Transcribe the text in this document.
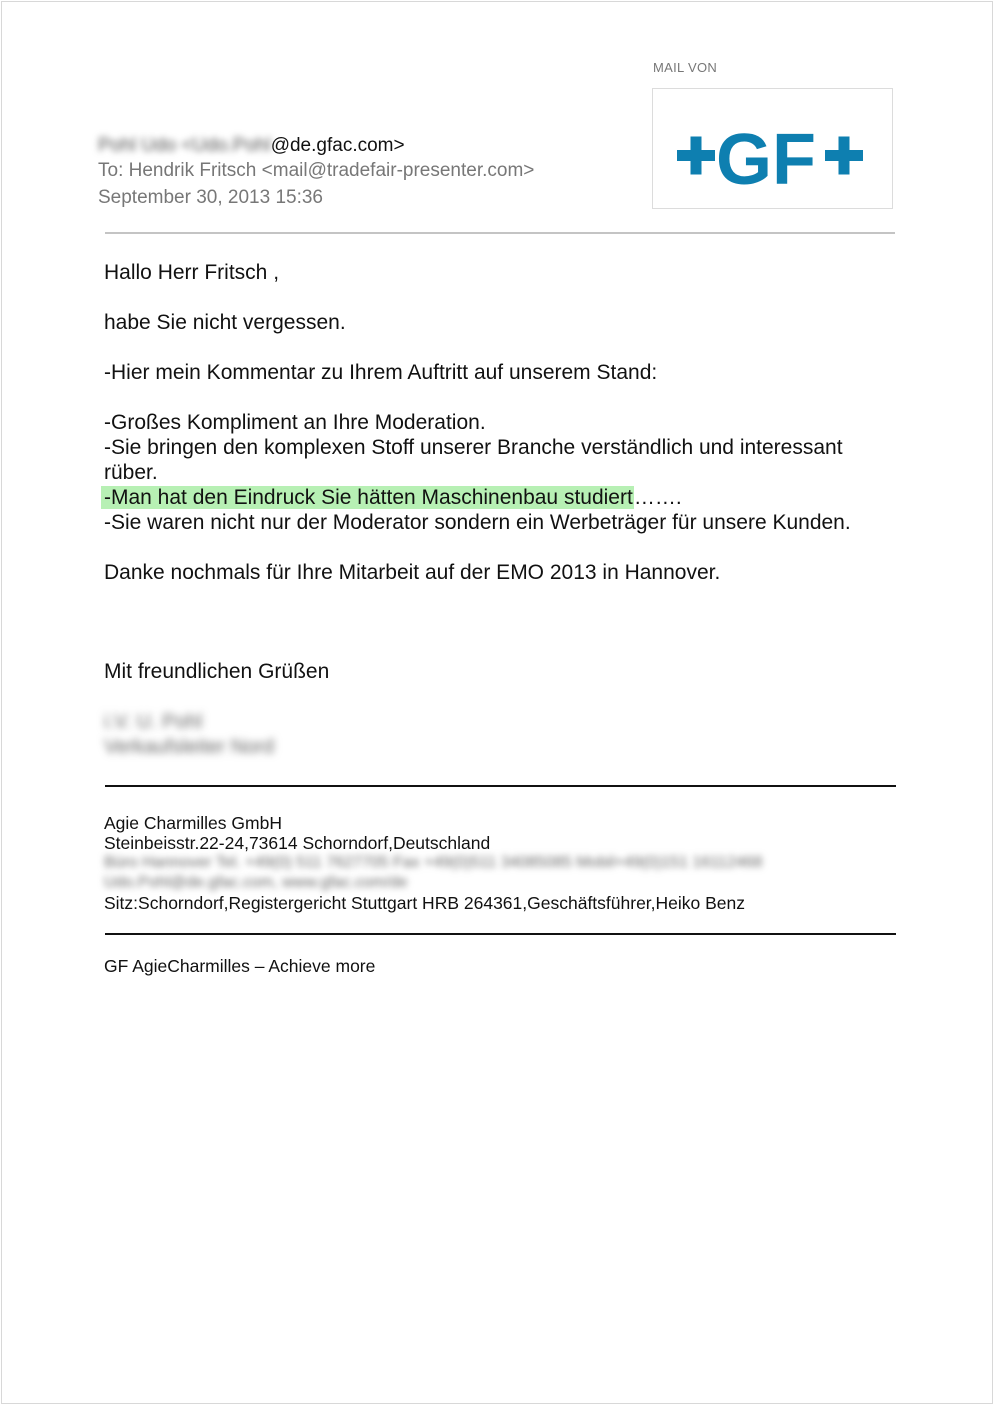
MAIL VON
GF
Pohl Udo <Udo.Pohl@de.gfac.com>
To: Hendrik Fritsch <mail@tradefair-presenter.com>
September 30, 2013 15:36
Hallo Herr Fritsch ,
habe Sie nicht vergessen.
-Hier mein Kommentar zu Ihrem Auftritt auf unserem Stand:
-Großes Kompliment an Ihre Moderation.
-Sie bringen den komplexen Stoff unserer Branche verständlich und interessant
rüber.
-Man hat den Eindruck Sie hätten Maschinenbau studiert…….
-Sie waren nicht nur der Moderator sondern ein Werbeträger für unsere Kunden.
Danke nochmals für Ihre Mitarbeit auf der EMO 2013 in Hannover.
Mit freundlichen Grüßen
i.V. U. Pohl
Verkaufsleiter Nord
Agie Charmilles GmbH
Steinbeisstr.22-24,73614 Schorndorf,Deutschland
Büro Hannover Tel. +49(0) 511 7627705 Fax +49(0)511 34085085 Mobil+49(0)151 16112468
Udo.Pohl@de.gfac.com, www.gfac.com/de
Sitz:Schorndorf,Registergericht Stuttgart HRB 264361,Geschäftsführer,Heiko Benz
GF AgieCharmilles – Achieve more
